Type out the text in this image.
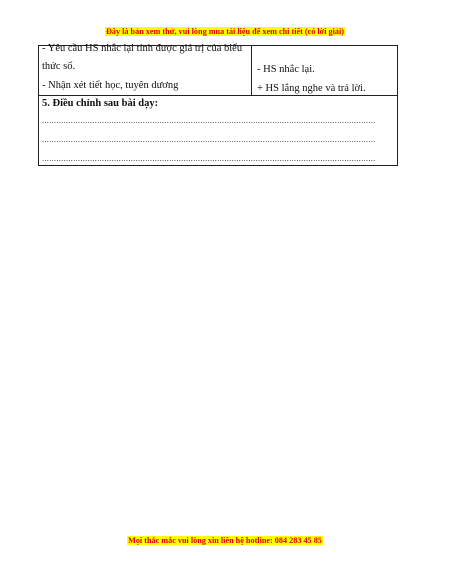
Đây là bản xem thử, vui lòng mua tài liệu để xem chi tiết (có lời giải)
- Yêu cầu HS nhắc lại tính được giá trị của biểu
thức số.
- Nhận xét tiết học, tuyên dương

- HS nhắc lại.
+ HS lắng nghe và trả lời.

5. Điều chỉnh sau bài dạy:
...........................................................................................................................................
...........................................................................................................................................
...........................................................................................................................................
Mọi thắc mắc vui lòng xin liên hệ hotline: 084 283 45 85
